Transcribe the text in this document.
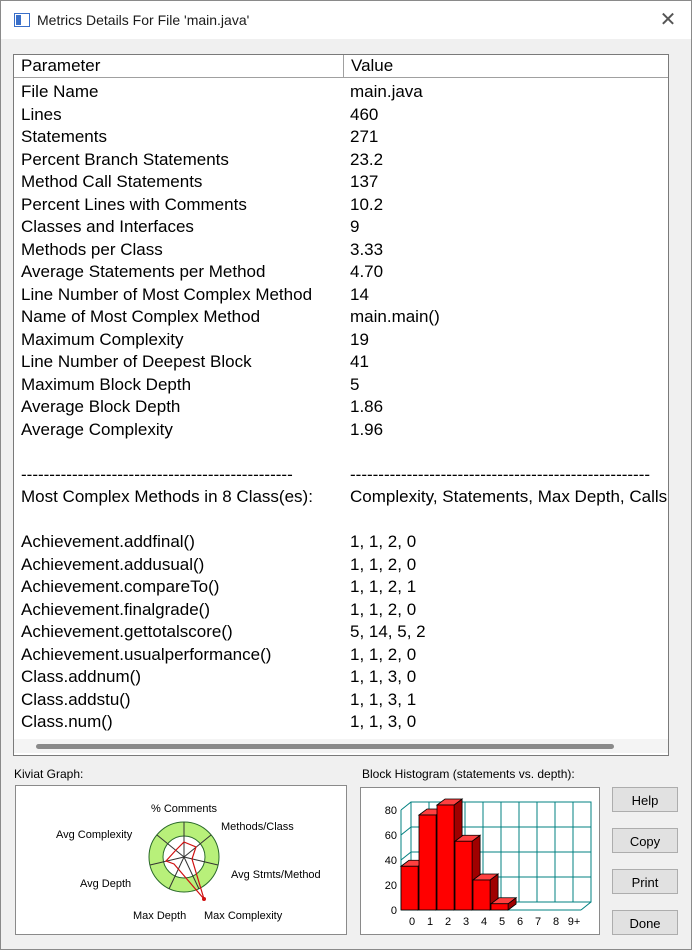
Metrics Details For File 'main.java'	✕
Parameter	Value
File Name	main.java
Lines	460
Statements	271
Percent Branch Statements	23.2
Method Call Statements	137
Percent Lines with Comments	10.2
Classes and Interfaces	9
Methods per Class	3.33
Average Statements per Method	4.70
Line Number of Most Complex Method 14
Name of Most Complex Method	main.main()
Maximum Complexity	19
Line Number of Deepest Block	41
Maximum Block Depth	5
Average Block Depth	1.86
Average Complexity	1.96
------------------------------------------------	-----------------------------------------------------
Most Complex Methods in 8 Class(es): Complexity, Statements, Max Depth, Calls
Achievement.addfinal()	1, 1, 2, 0
Achievement.addusual()	1, 1, 2, 0
Achievement.compareTo()	1, 1, 2, 1
Achievement.finalgrade()	1, 1, 2, 0
Achievement.gettotalscore()	5, 14, 5, 2
Achievement.usualperformance()	1, 1, 2, 0
Class.addnum()	1, 1, 3, 0
Class.addstu()	1, 1, 3, 1
Class.num()	1, 1, 3, 0
Kiviat Graph:
% Comments
Methods/Class
Avg Stmts/Method
Max Complexity
Max Depth
Avg Depth
Avg Complexity
Block Histogram (statements vs. depth):
0
20
40
60
80
0 1 2 3 4 5 6 7 8 9+
Help
Copy
Print
Done
